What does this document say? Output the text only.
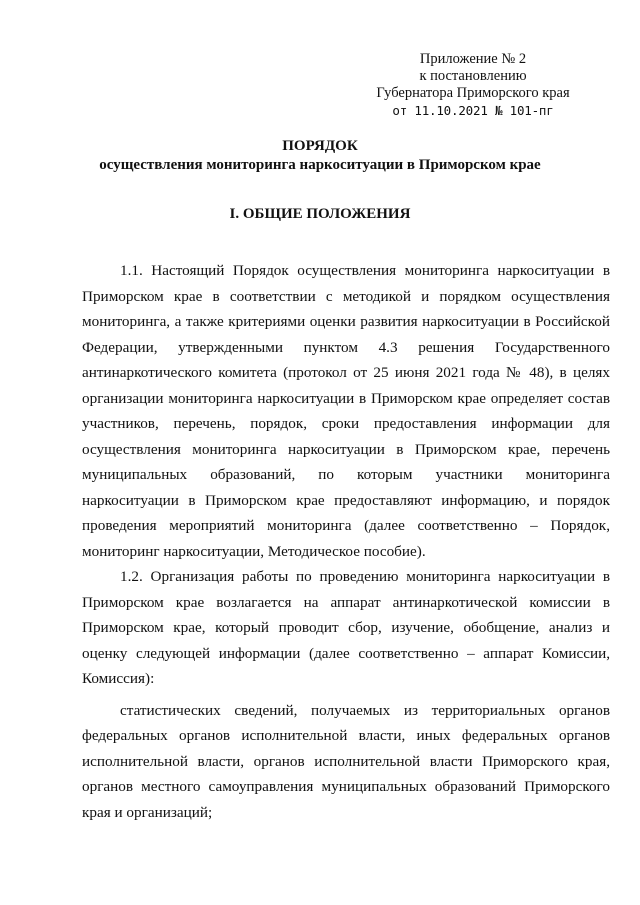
Приложение № 2
к постановлению
Губернатора Приморского края
от 11.10.2021 № 101-пг
ПОРЯДОК
осуществления мониторинга наркоситуации в Приморском крае
I. ОБЩИЕ ПОЛОЖЕНИЯ

1.1. Настоящий Порядок осуществления мониторинга наркоситуации в Приморском крае в соответствии с методикой и порядком осуществления мониторинга, а также критериями оценки развития наркоситуации в Российской Федерации, утвержденными пунктом 4.3 решения Государственного антинаркотического комитета (протокол от 25 июня 2021 года № 48), в целях организации мониторинга наркоситуации в Приморском крае определяет состав участников, перечень, порядок, сроки предоставления информации для осуществления мониторинга наркоситуации в Приморском крае, перечень муниципальных образований, по которым участники мониторинга наркоситуации в Приморском крае предоставляют информацию, и порядок проведения мероприятий мониторинга (далее соответственно – Порядок, мониторинг наркоситуации, Методическое пособие).

1.2. Организация работы по проведению мониторинга наркоситуации в Приморском крае возлагается на аппарат антинаркотической комиссии в Приморском крае, который проводит сбор, изучение, обобщение, анализ и оценку следующей информации (далее соответственно – аппарат Комиссии, Комиссия):

статистических сведений, получаемых из территориальных органов федеральных органов исполнительной власти, иных федеральных органов исполнительной власти, органов исполнительной власти Приморского края, органов местного самоуправления муниципальных образований Приморского края и организаций;
